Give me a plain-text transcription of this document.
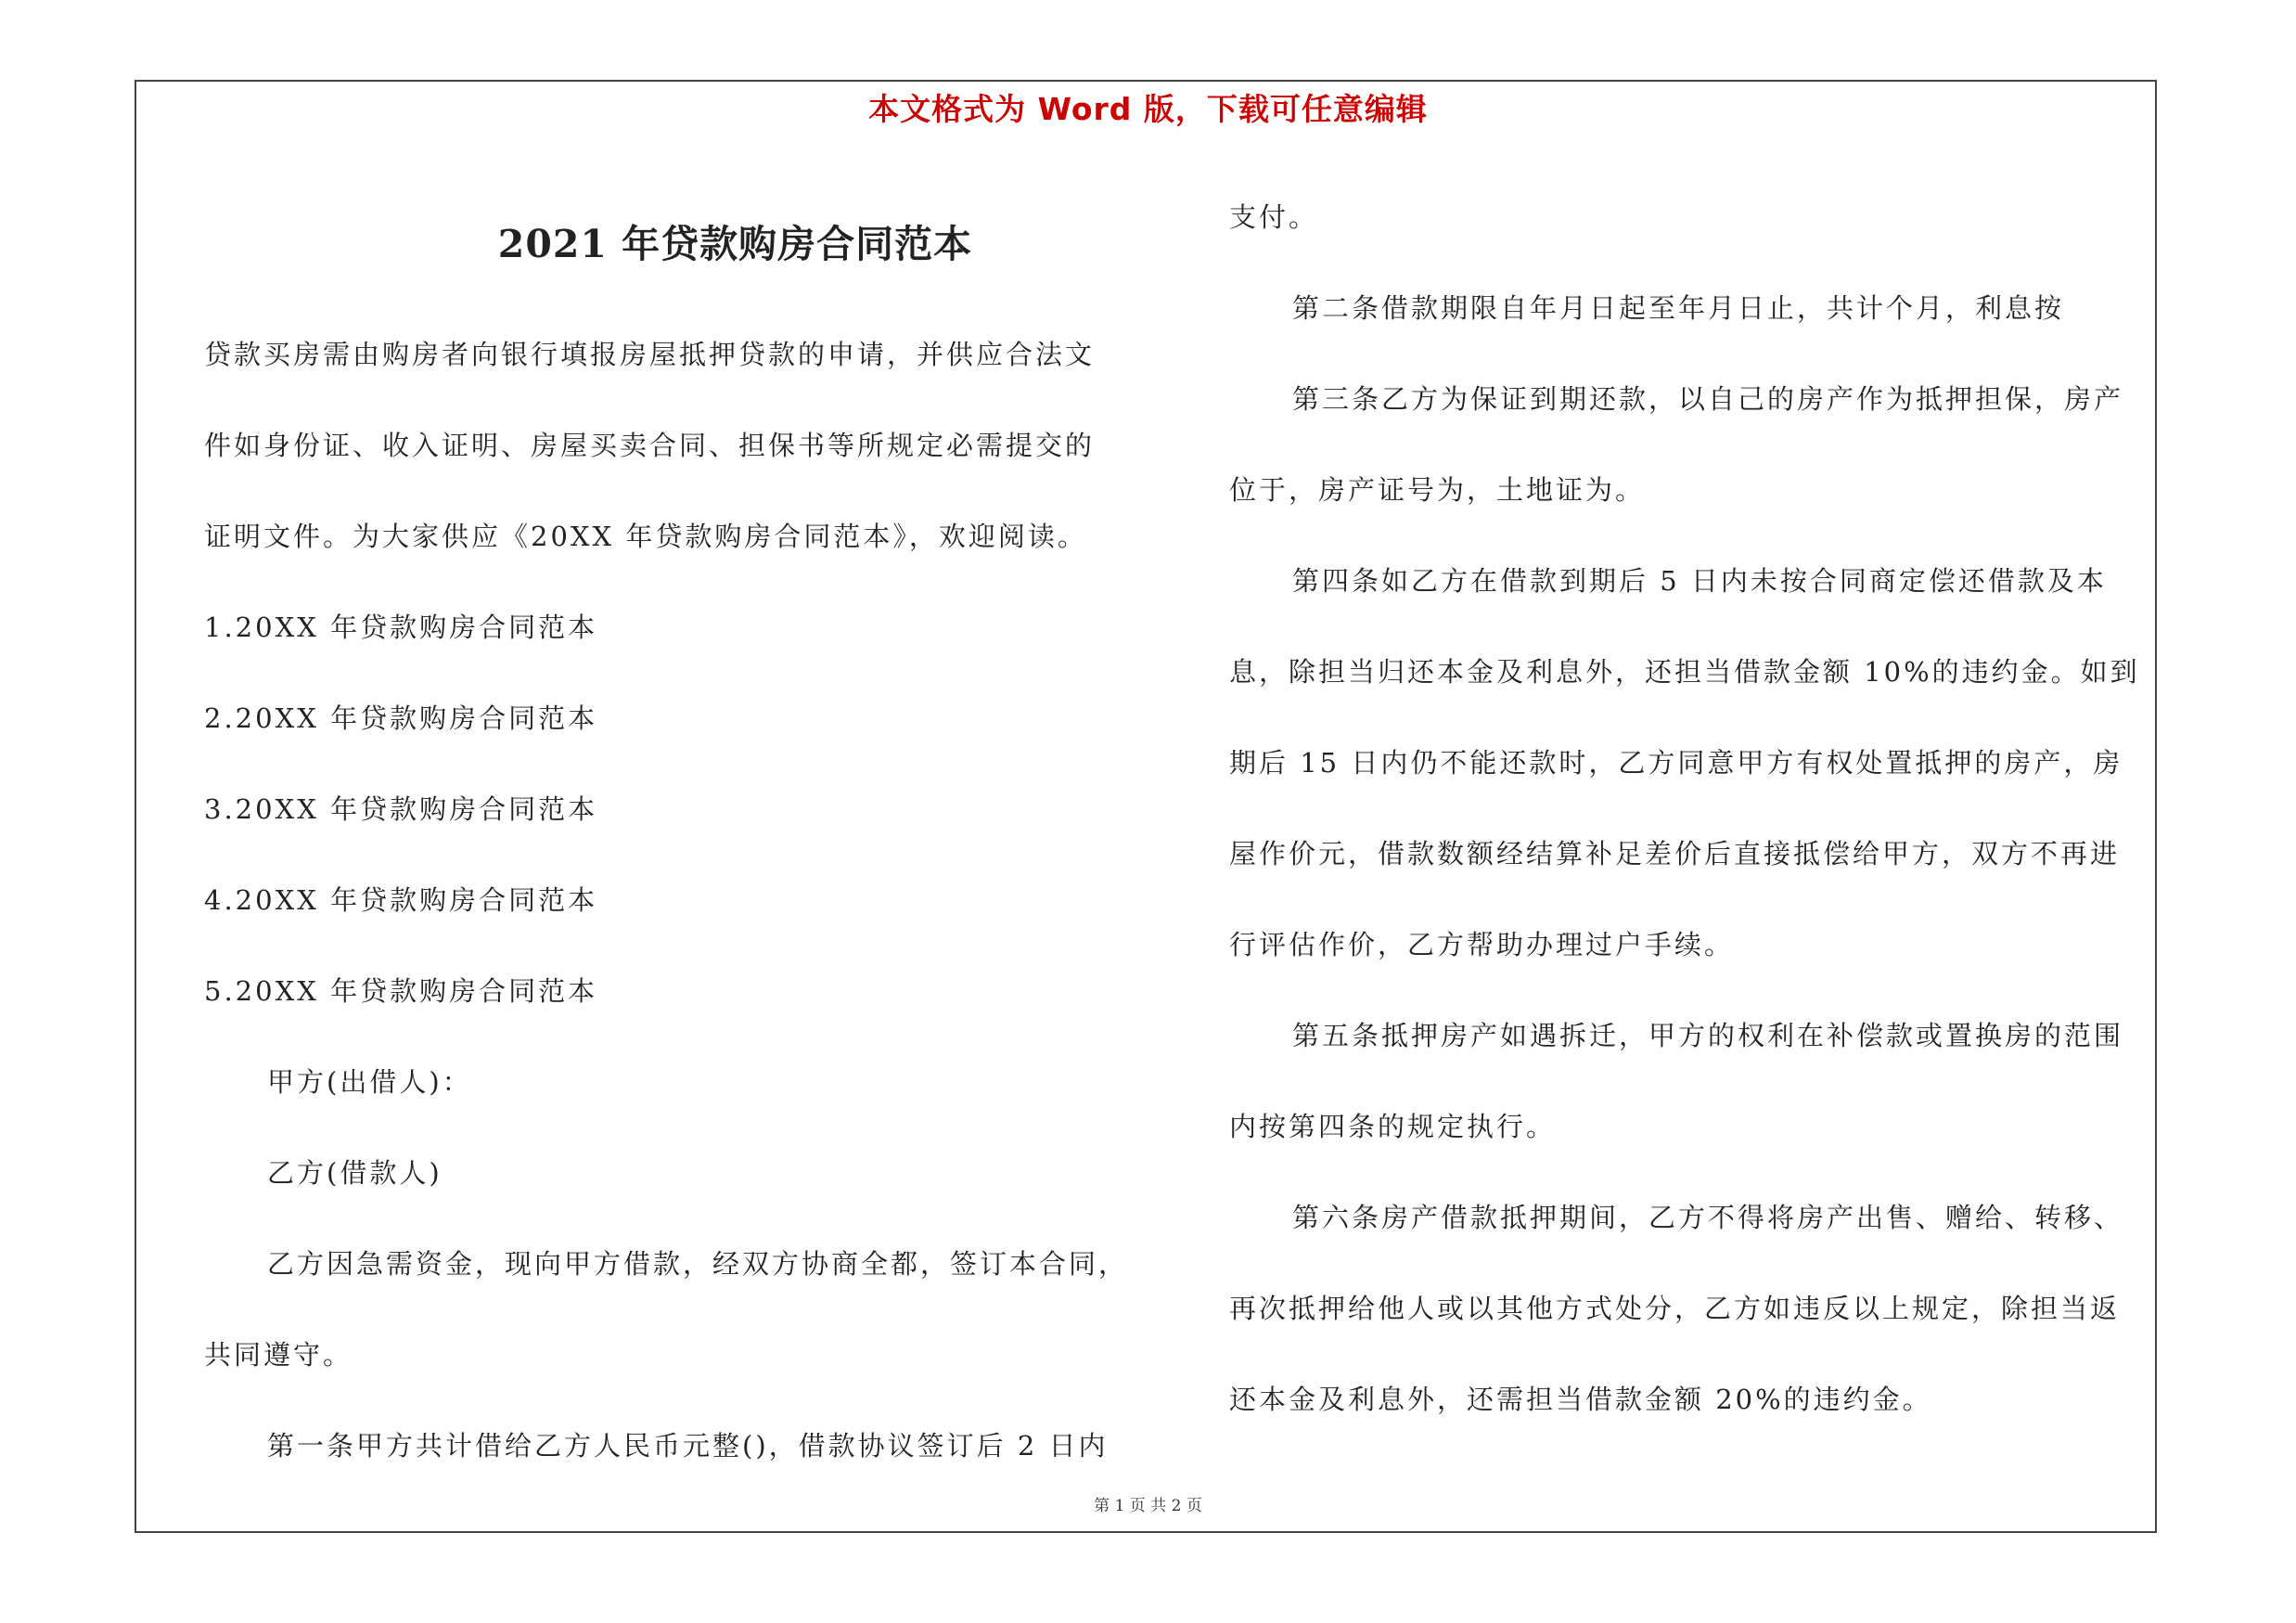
本文格式为 Word 版，下载可任意编辑
2021 年贷款购房合同范本
贷款买房需由购房者向银行填报房屋抵押贷款的申请，并供应合法文
件如身份证、收入证明、房屋买卖合同、担保书等所规定必需提交的
证明文件。为大家供应《20XX 年贷款购房合同范本》，欢迎阅读。
1.20XX 年贷款购房合同范本
2.20XX 年贷款购房合同范本
3.20XX 年贷款购房合同范本
4.20XX 年贷款购房合同范本
5.20XX 年贷款购房合同范本
甲方(出借人)：
乙方(借款人)
乙方因急需资金，现向甲方借款，经双方协商全都，签订本合同，
共同遵守。
第一条甲方共计借给乙方人民币元整()，借款协议签订后 2 日内
支付。
第二条借款期限自年月日起至年月日止，共计个月，利息按
第三条乙方为保证到期还款，以自己的房产作为抵押担保，房产
位于，房产证号为，土地证为。
第四条如乙方在借款到期后 5 日内未按合同商定偿还借款及本
息，除担当归还本金及利息外，还担当借款金额 10%的违约金。如到
期后 15 日内仍不能还款时，乙方同意甲方有权处置抵押的房产，房
屋作价元，借款数额经结算补足差价后直接抵偿给甲方，双方不再进
行评估作价，乙方帮助办理过户手续。
第五条抵押房产如遇拆迁，甲方的权利在补偿款或置换房的范围
内按第四条的规定执行。
第六条房产借款抵押期间，乙方不得将房产出售、赠给、转移、
再次抵押给他人或以其他方式处分，乙方如违反以上规定，除担当返
还本金及利息外，还需担当借款金额 20%的违约金。
第 1 页 共 2 页
